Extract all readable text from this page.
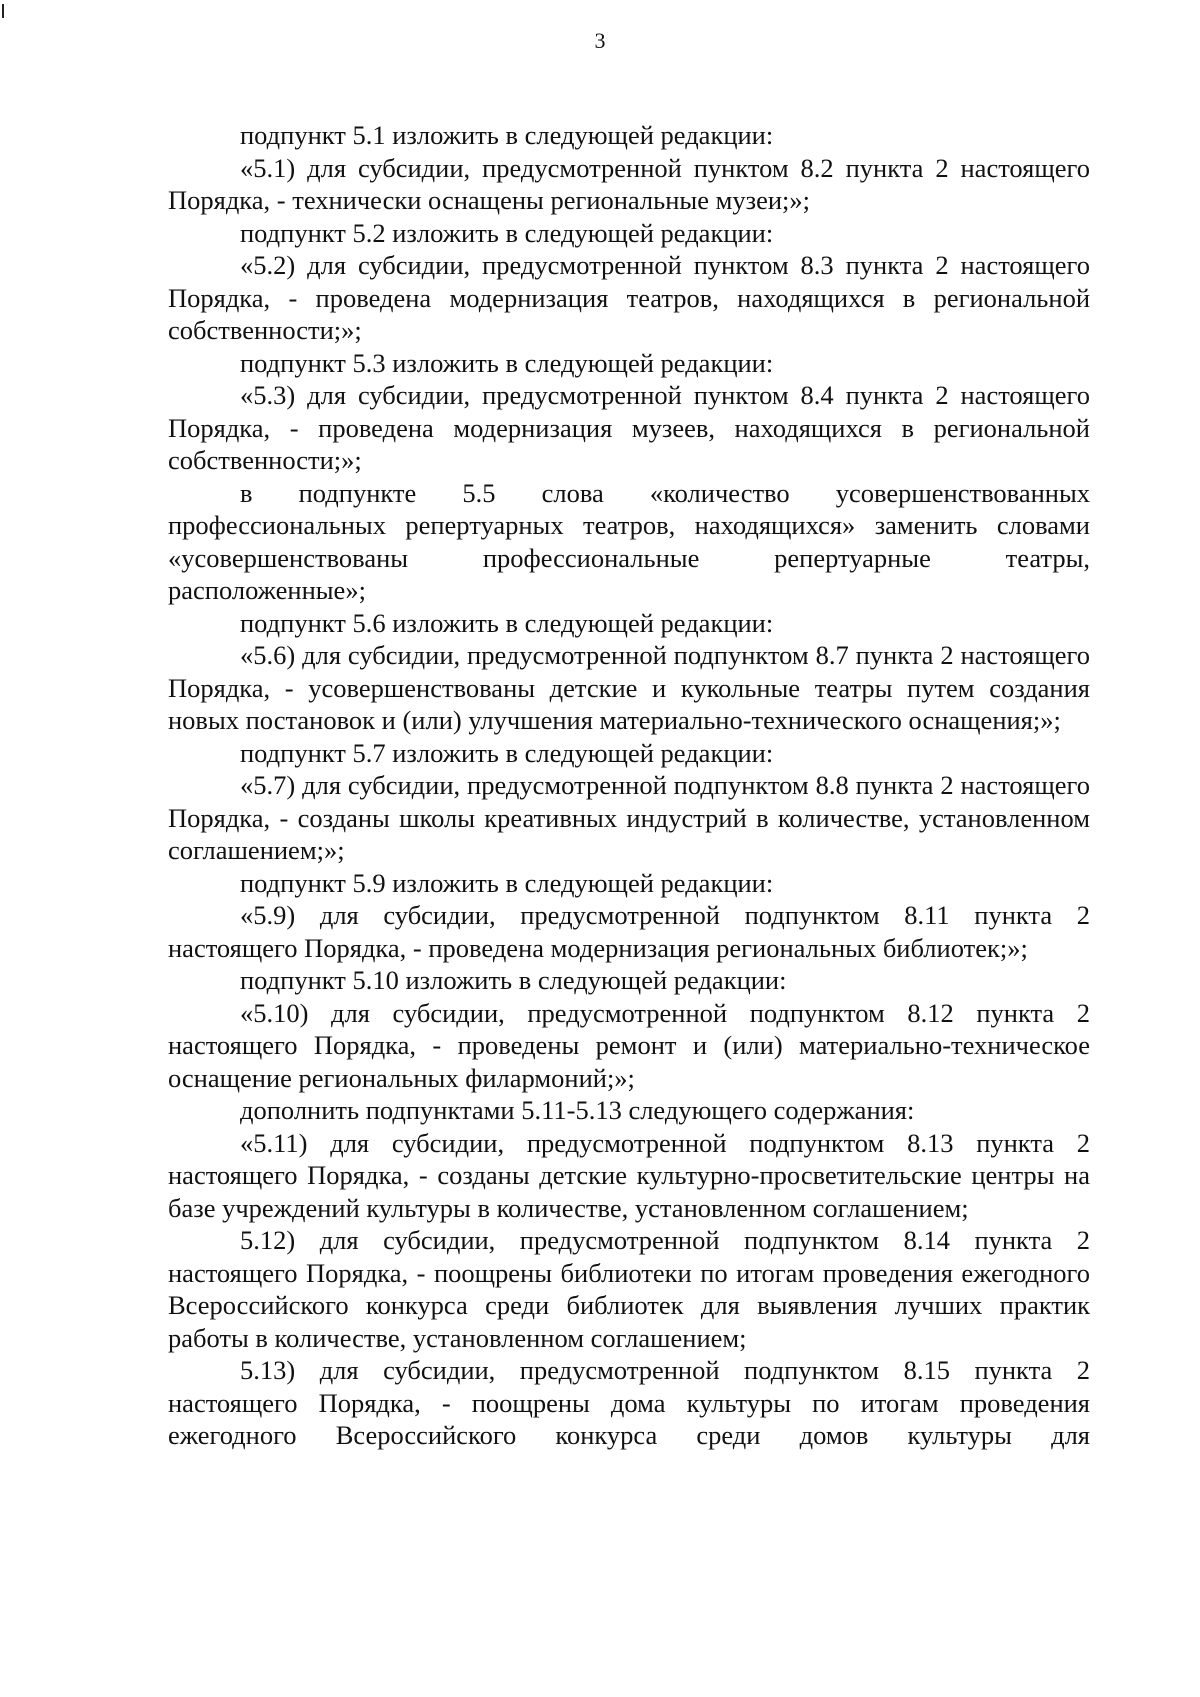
3

подпункт 5.1 изложить в следующей редакции:

«5.1) для субсидии, предусмотренной пунктом 8.2 пункта 2 настоящего Порядка, - технически оснащены региональные музеи;»;

подпункт 5.2 изложить в следующей редакции:

«5.2) для субсидии, предусмотренной пунктом 8.3 пункта 2 настоящего Порядка, - проведена модернизация театров, находящихся в региональной собственности;»;

подпункт 5.3 изложить в следующей редакции:

«5.3) для субсидии, предусмотренной пунктом 8.4 пункта 2 настоящего Порядка, - проведена модернизация музеев, находящихся в региональной собственности;»;

в подпункте 5.5 слова «количество усовершенствованных профессиональных репертуарных театров, находящихся» заменить словами «усовершенствованы профессиональные репертуарные театры, расположенные»;

подпункт 5.6 изложить в следующей редакции:

«5.6) для субсидии, предусмотренной подпунктом 8.7 пункта 2 настоящего Порядка, - усовершенствованы детские и кукольные театры путем создания новых постановок и (или) улучшения материально-технического оснащения;»;

подпункт 5.7 изложить в следующей редакции:

«5.7) для субсидии, предусмотренной подпунктом 8.8 пункта 2 настоящего Порядка, - созданы школы креативных индустрий в количестве, установленном соглашением;»;

подпункт 5.9 изложить в следующей редакции:

«5.9) для субсидии, предусмотренной подпунктом 8.11 пункта 2 настоящего Порядка, - проведена модернизация региональных библиотек;»;

подпункт 5.10 изложить в следующей редакции:

«5.10) для субсидии, предусмотренной подпунктом 8.12 пункта 2 настоящего Порядка, - проведены ремонт и (или) материально-техническое оснащение региональных филармоний;»;

дополнить подпунктами 5.11-5.13 следующего содержания:

«5.11) для субсидии, предусмотренной подпунктом 8.13 пункта 2 настоящего Порядка, - созданы детские культурно-просветительские центры на базе учреждений культуры в количестве, установленном соглашением;

5.12) для субсидии, предусмотренной подпунктом 8.14 пункта 2 настоящего Порядка, - поощрены библиотеки по итогам проведения ежегодного Всероссийского конкурса среди библиотек для выявления лучших практик работы в количестве, установленном соглашением;

5.13) для субсидии, предусмотренной подпунктом 8.15 пункта 2 настоящего Порядка, - поощрены дома культуры по итогам проведения ежегодного Всероссийского конкурса среди домов культуры для
